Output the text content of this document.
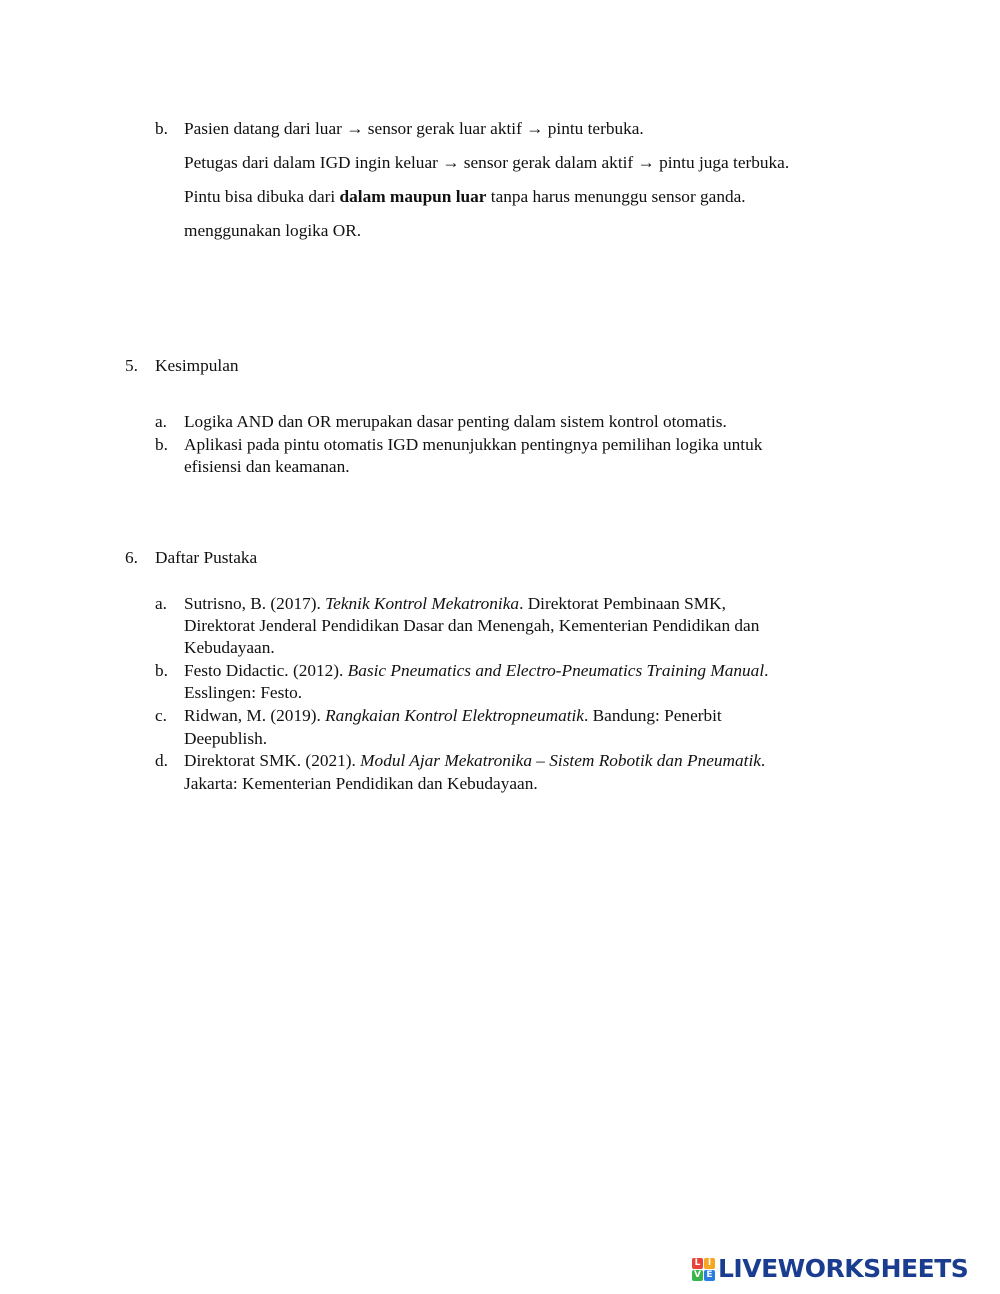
b. Pasien datang dari luar → sensor gerak luar aktif → pintu terbuka.
Petugas dari dalam IGD ingin keluar → sensor gerak dalam aktif → pintu juga terbuka.
Pintu bisa dibuka dari dalam maupun luar tanpa harus menunggu sensor ganda.
menggunakan logika OR.
5. Kesimpulan
a. Logika AND dan OR merupakan dasar penting dalam sistem kontrol otomatis.
b. Aplikasi pada pintu otomatis IGD menunjukkan pentingnya pemilihan logika untuk
efisiensi dan keamanan.
6. Daftar Pustaka
a. Sutrisno, B. (2017). Teknik Kontrol Mekatronika. Direktorat Pembinaan SMK,
Direktorat Jenderal Pendidikan Dasar dan Menengah, Kementerian Pendidikan dan
Kebudayaan.
b. Festo Didactic. (2012). Basic Pneumatics and Electro-Pneumatics Training Manual.
Esslingen: Festo.
c. Ridwan, M. (2019). Rangkaian Kontrol Elektropneumatik. Bandung: Penerbit
Deepublish.
d. Direktorat SMK. (2021). Modul Ajar Mekatronika – Sistem Robotik dan Pneumatik.
Jakarta: Kementerian Pendidikan dan Kebudayaan.
L I
V E LIVEWORKSHEETS
